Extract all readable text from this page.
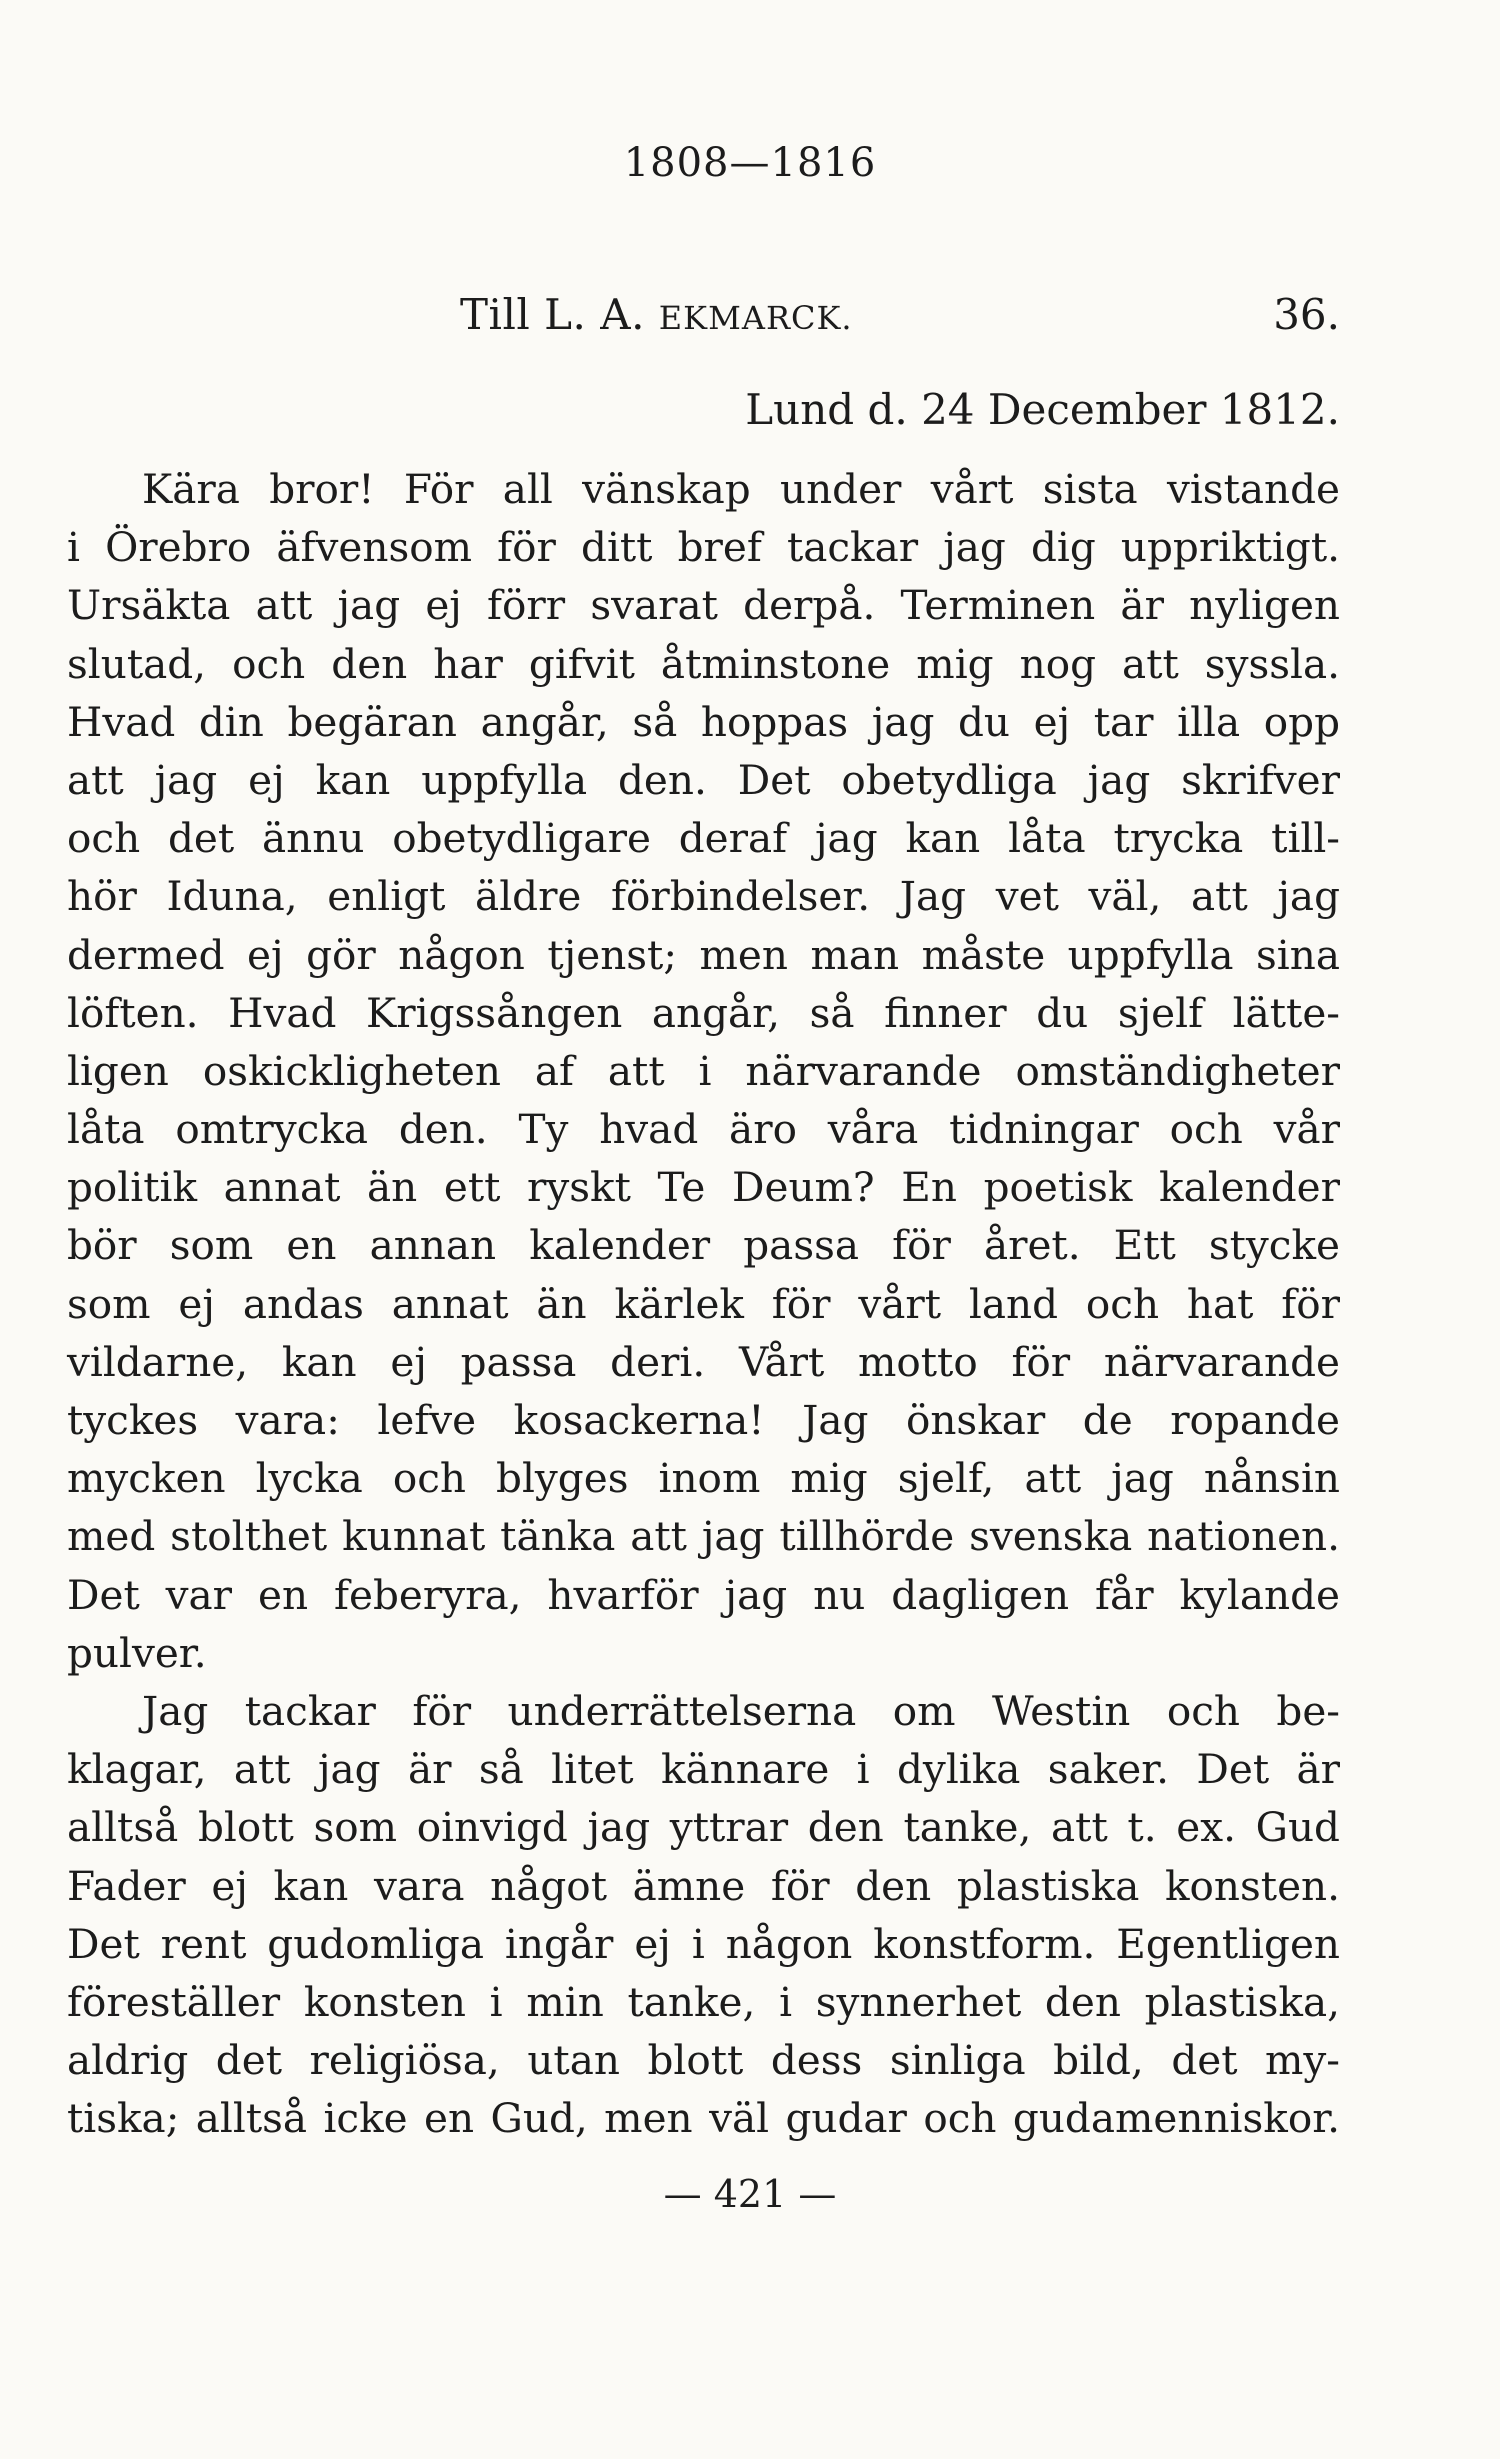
1808—1816
Till L. A. EKMARCK.	36.
Lund d. 24 December 1812.
Kära bror! För all vänskap under vårt sista vistande
i Örebro äfvensom för ditt bref tackar jag dig uppriktigt.
Ursäkta att jag ej förr svarat derpå. Terminen är nyligen
slutad, och den har gifvit åtminstone mig nog att syssla.
Hvad din begäran angår, så hoppas jag du ej tar illa opp
att jag ej kan uppfylla den. Det obetydliga jag skrifver
och det ännu obetydligare deraf jag kan låta trycka till-
hör Iduna, enligt äldre förbindelser. Jag vet väl, att jag
dermed ej gör någon tjenst; men man måste uppfylla sina
löften. Hvad Krigssången angår, så finner du sjelf lätte-
ligen oskickligheten af att i närvarande omständigheter
låta omtrycka den. Ty hvad äro våra tidningar och vår
politik annat än ett ryskt Te Deum? En poetisk kalender
bör som en annan kalender passa för året. Ett stycke
som ej andas annat än kärlek för vårt land och hat för
vildarne, kan ej passa deri. Vårt motto för närvarande
tyckes vara: lefve kosackerna! Jag önskar de ropande
mycken lycka och blyges inom mig sjelf, att jag nånsin
med stolthet kunnat tänka att jag tillhörde svenska nationen.
Det var en feberyra, hvarför jag nu dagligen får kylande
pulver.
Jag tackar för underrättelserna om Westin och be-
klagar, att jag är så litet kännare i dylika saker. Det är
alltså blott som oinvigd jag yttrar den tanke, att t. ex. Gud
Fader ej kan vara något ämne för den plastiska konsten.
Det rent gudomliga ingår ej i någon konstform. Egentligen
föreställer konsten i min tanke, i synnerhet den plastiska,
aldrig det religiösa, utan blott dess sinliga bild, det my-
tiska; alltså icke en Gud, men väl gudar och gudamenniskor.
— 421 —
